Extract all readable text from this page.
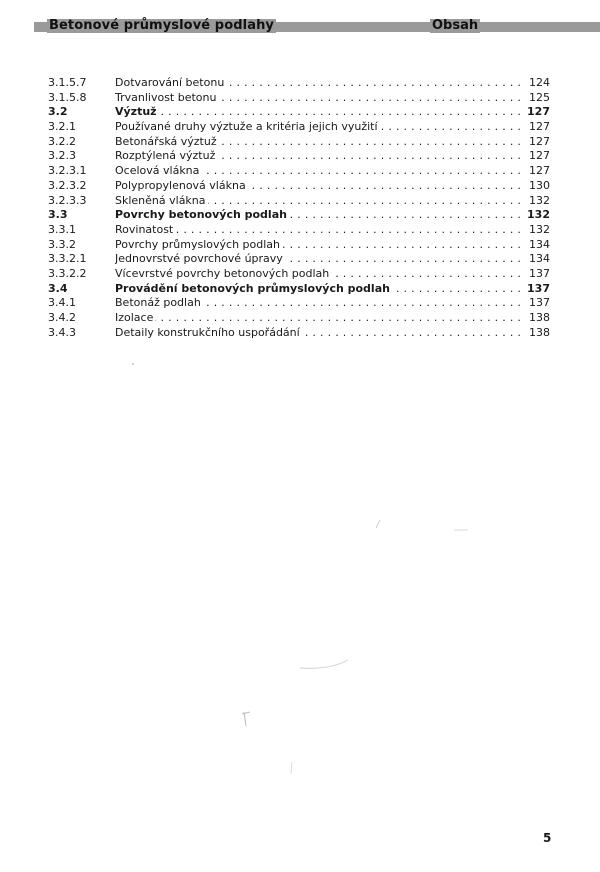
Betonové průmyslové podlahy	Obsah
3.1.5.7	Dotvarování betonu . . .	124
3.1.5.8	Trvanlivost betonu . . .	125
3.2	Výztuž . . .	127
3.2.1	Používané druhy výztuže a kritéria jejich využití . . .	127
3.2.2	Betonářská výztuž . . .	127
3.2.3	Rozptýlená výztuž . . .	127
3.2.3.1	Ocelová vlákna . . .	127
3.2.3.2	Polypropylenová vlákna . . .	130
3.2.3.3	Skleněná vlákna . . .	132
3.3	Povrchy betonových podlah . . .	132
3.3.1	Rovinatost . . .	132
3.3.2	Povrchy průmyslových podlah . . .	134
3.3.2.1	Jednovrstvé povrchové úpravy . . .	134
3.3.2.2	Vícevrstvé povrchy betonových podlah . . .	137
3.4	Provádění betonových průmyslových podlah . . .	137
3.4.1	Betonáž podlah . . .	137
3.4.2	Izolace . . .	138
3.4.3	Detaily konstrukčního uspořádání . . .	138
5
